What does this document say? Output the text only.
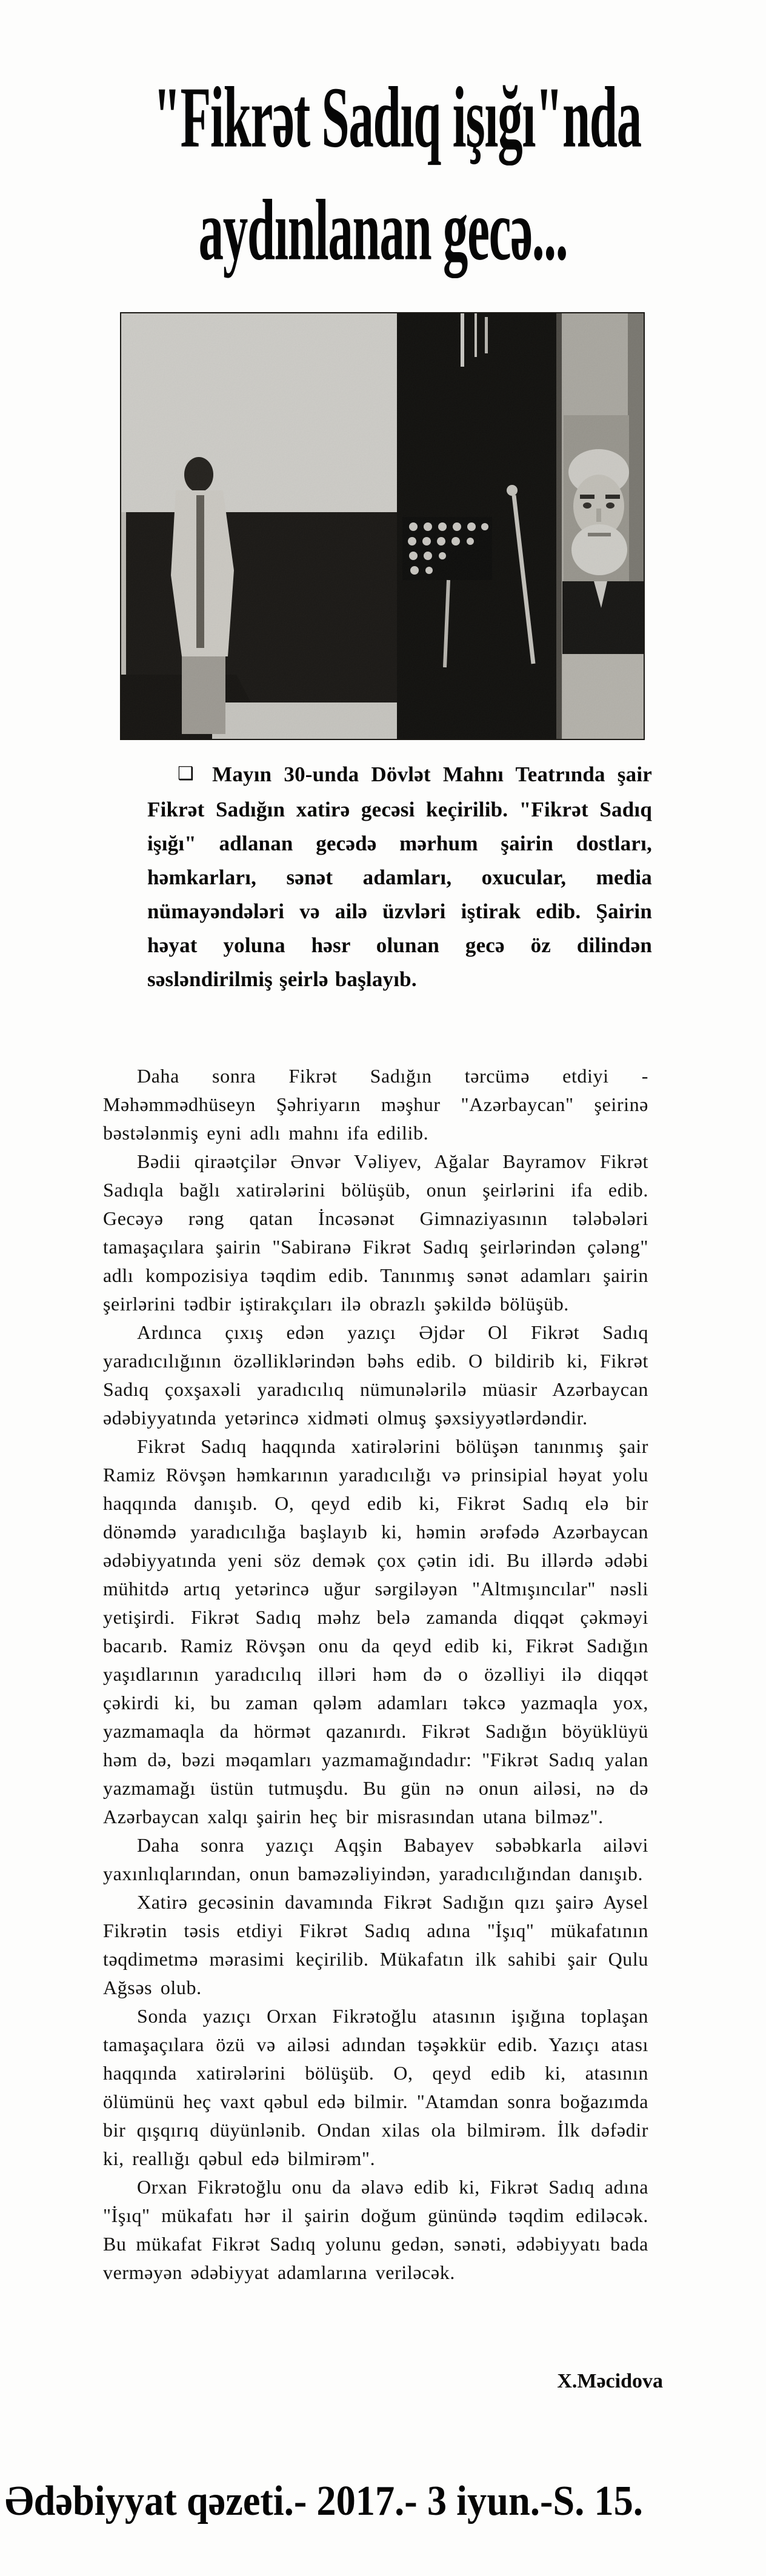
"Fikrət Sadıq işığı"nda
aydınlanan gecə...

❑ Mayın 30-unda Dövlət Mahnı Teatrında şair Fikrət Sadığın xatirə gecəsi keçirilib. "Fikrət Sadıq işığı" adlanan gecədə mərhum şairin dostları, həmkarları, sənət adamları, oxucular, media nümayəndələri və ailə üzvləri iştirak edib. Şairin həyat yoluna həsr olunan gecə öz dilindən səsləndirilmiş şeirlə başlayıb.

Daha sonra Fikrət Sadığın tərcümə etdiyi - Məhəmmədhüseyn Şəhriyarın məşhur "Azərbaycan" şeirinə bəstələnmiş eyni adlı mahnı ifa edilib.

Bədii qiraətçilər Ənvər Vəliyev, Ağalar Bayramov Fikrət Sadıqla bağlı xatirələrini bölüşüb, onun şeirlərini ifa edib. Gecəyə rəng qatan İncəsənət Gimnaziyasının tələbələri tamaşaçılara şairin "Sabiranə Fikrət Sadıq şeirlərindən çələng" adlı kompozisiya təqdim edib. Tanınmış sənət adamları şairin şeirlərini tədbir iştirakçıları ilə obrazlı şəkildə bölüşüb.

Ardınca çıxış edən yazıçı Əjdər Ol Fikrət Sadıq yaradıcılığının özəlliklərindən bəhs edib. O bildirib ki, Fikrət Sadıq çoxşaxəli yaradıcılıq nümunələrilə müasir Azərbaycan ədəbiyyatında yetərincə xidməti olmuş şəxsiyyətlərdəndir.

Fikrət Sadıq haqqında xatirələrini bölüşən tanınmış şair Ramiz Rövşən həmkarının yaradıcılığı və prinsipial həyat yolu haqqında danışıb. O, qeyd edib ki, Fikrət Sadıq elə bir dönəmdə yaradıcılığa başlayıb ki, həmin ərəfədə Azərbaycan ədəbiyyatında yeni söz demək çox çətin idi. Bu illərdə ədəbi mühitdə artıq yetərincə uğur sərgiləyən "Altmışıncılar" nəsli yetişirdi. Fikrət Sadıq məhz belə zamanda diqqət çəkməyi bacarıb. Ramiz Rövşən onu da qeyd edib ki, Fikrət Sadığın yaşıdlarının yaradıcılıq illəri həm də o özəlliyi ilə diqqət çəkirdi ki, bu zaman qələm adamları təkcə yazmaqla yox, yazmamaqla da hörmət qazanırdı. Fikrət Sadığın böyüklüyü həm də, bəzi məqamları yazmamağındadır: "Fikrət Sadıq yalan yazmamağı üstün tutmuşdu. Bu gün nə onun ailəsi, nə də Azərbaycan xalqı şairin heç bir misrasından utana bilməz".

Daha sonra yazıçı Aqşin Babayev səbəbkarla ailəvi yaxınlıqlarından, onun baməzəliyindən, yaradıcılığından danışıb.

Xatirə gecəsinin davamında Fikrət Sadığın qızı şairə Aysel Fikrətin təsis etdiyi Fikrət Sadıq adına "İşıq" mükafatının təqdimetmə mərasimi keçirilib. Mükafatın ilk sahibi şair Qulu Ağsəs olub.

Sonda yazıçı Orxan Fikrətoğlu atasının işığına toplaşan tamaşaçılara özü və ailəsi adından təşəkkür edib. Yazıçı atası haqqında xatirələrini bölüşüb. O, qeyd edib ki, atasının ölümünü heç vaxt qəbul edə bilmir. "Atamdan sonra boğazımda bir qışqırıq düyünlənib. Ondan xilas ola bilmirəm. İlk dəfədir ki, reallığı qəbul edə bilmirəm".

Orxan Fikrətoğlu onu da əlavə edib ki, Fikrət Sadıq adına "İşıq" mükafatı hər il şairin doğum günündə təqdim ediləcək. Bu mükafat Fikrət Sadıq yolunu gedən, sənəti, ədəbiyyatı bada verməyən ədəbiyyat adamlarına veriləcək.

X.Məcidova
Ədəbiyyat qəzeti.- 2017.- 3 iyun.-S. 15.
